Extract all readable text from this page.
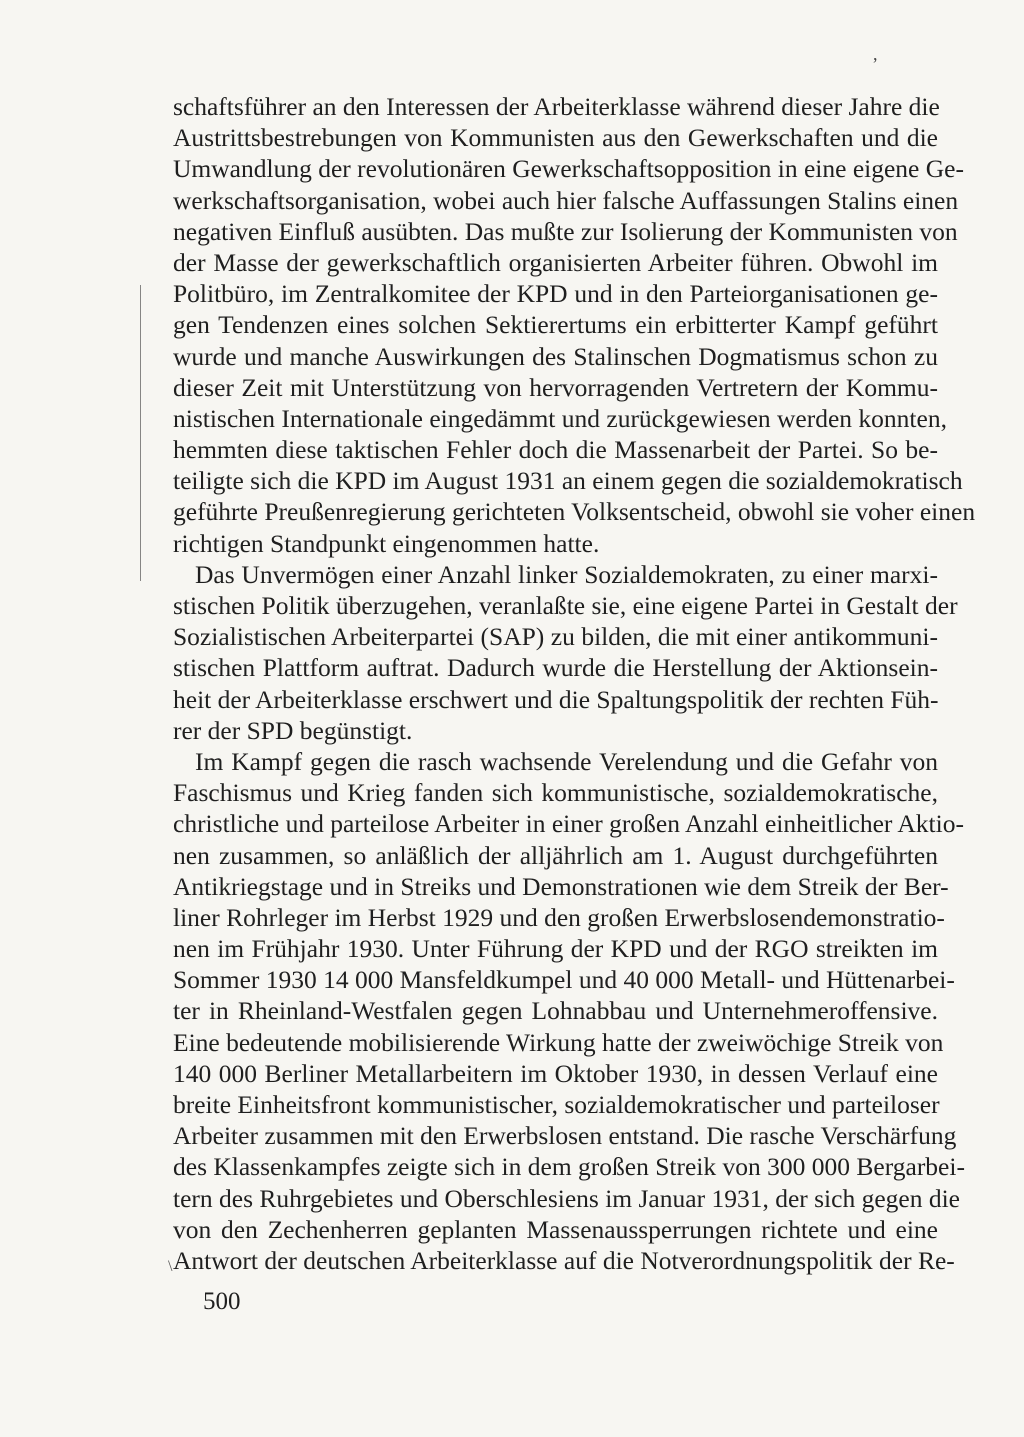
,
schaftsführer an den Interessen der Arbeiterklasse während dieser Jahre die
Austrittsbestrebungen von Kommunisten aus den Gewerkschaften und die
Umwandlung der revolutionären Gewerkschaftsopposition in eine eigene Ge-
werkschaftsorganisation, wobei auch hier falsche Auffassungen Stalins einen
negativen Einfluß ausübten. Das mußte zur Isolierung der Kommunisten von
der Masse der gewerkschaftlich organisierten Arbeiter führen. Obwohl im
Politbüro, im Zentralkomitee der KPD und in den Parteiorganisationen ge-
gen Tendenzen eines solchen Sektierertums ein erbitterter Kampf geführt
wurde und manche Auswirkungen des Stalinschen Dogmatismus schon zu
dieser Zeit mit Unterstützung von hervorragenden Vertretern der Kommu-
nistischen Internationale eingedämmt und zurückgewiesen werden konnten,
hemmten diese taktischen Fehler doch die Massenarbeit der Partei. So be-
teiligte sich die KPD im August 1931 an einem gegen die sozialdemokratisch
geführte Preußenregierung gerichteten Volksentscheid, obwohl sie voher einen
richtigen Standpunkt eingenommen hatte.
Das Unvermögen einer Anzahl linker Sozialdemokraten, zu einer marxi-
stischen Politik überzugehen, veranlaßte sie, eine eigene Partei in Gestalt der
Sozialistischen Arbeiterpartei (SAP) zu bilden, die mit einer antikommuni-
stischen Plattform auftrat. Dadurch wurde die Herstellung der Aktionsein-
heit der Arbeiterklasse erschwert und die Spaltungspolitik der rechten Füh-
rer der SPD begünstigt.
Im Kampf gegen die rasch wachsende Verelendung und die Gefahr von
Faschismus und Krieg fanden sich kommunistische, sozialdemokratische,
christliche und parteilose Arbeiter in einer großen Anzahl einheitlicher Aktio-
nen zusammen, so anläßlich der alljährlich am 1. August durchgeführten
Antikriegstage und in Streiks und Demonstrationen wie dem Streik der Ber-
liner Rohrleger im Herbst 1929 und den großen Erwerbslosendemonstratio-
nen im Frühjahr 1930. Unter Führung der KPD und der RGO streikten im
Sommer 1930 14 000 Mansfeldkumpel und 40 000 Metall- und Hüttenarbei-
ter in Rheinland-Westfalen gegen Lohnabbau und Unternehmeroffensive.
Eine bedeutende mobilisierende Wirkung hatte der zweiwöchige Streik von
140 000 Berliner Metallarbeitern im Oktober 1930, in dessen Verlauf eine
breite Einheitsfront kommunistischer, sozialdemokratischer und parteiloser
Arbeiter zusammen mit den Erwerbslosen entstand. Die rasche Verschärfung
des Klassenkampfes zeigte sich in dem großen Streik von 300 000 Bergarbei-
tern des Ruhrgebietes und Oberschlesiens im Januar 1931, der sich gegen die
von den Zechenherren geplanten Massenaussperrungen richtete und eine
Antwort der deutschen Arbeiterklasse auf die Notverordnungspolitik der Re-
\
500
